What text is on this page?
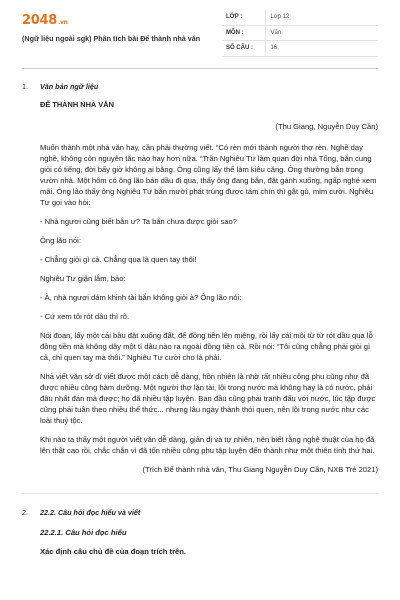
2048.vn
(Ngữ liệu ngoài sgk) Phân tích bài Để thành nhà văn
LỚP :	Lớp 12
MÔN :	Văn
SỐ CÂU :	16
1.	Văn bản ngữ liệu
ĐỂ THÀNH NHÀ VĂN
(Thu Giang, Nguyễn Duy Cần)

Muốn thành một nhà văn hay, cần phải thường viết. “Có rèn mới thành người thợ rèn. Nghề dạy nghề, không còn nguyên tắc nào hay hơn nữa. “Trần Nghiêu Tư làm quan đời nhà Tống, bắn cung giỏi có tiếng, đời bấy giờ không ai bằng. Ông cũng lấy thế làm kiêu căng. Ông thường bắn trong vườn nhà. Một hôm có ông lão bán dầu đi qua, thấy ông đang bắn, đặt gánh xuống, ngấp nghé xem mãi. Ông lão thấy ông Nghiêu Tư bắn mười phát trúng được tám chín thì gật gù, mỉm cười. Nghiêu Tư gọi vào hỏi:

- Nhà ngươi cũng biết bắn ư? Ta bắn chưa được giỏi sao?

Ông lão nói:

- Chẳng giỏi gì cả. Chẳng qua là quen tay thôi!

Nghiêu Tư giận lắm, bảo:

- À, nhà ngươi dám khinh tài bắn không giỏi à? Ông lão nói:

- Cứ xem tôi rót dầu thì rõ.

Nói đoạn, lấy một cái bầu đặt xuống đất, để đồng tiền lên miệng, rồi lấy cái môi từ từ rót dầu qua lỗ đồng tiền mà không dây một tí dầu nào ra ngoài đồng tiền cả. Rồi nói: “Tôi cũng chẳng phải giỏi gì cả, chỉ quen tay mà thôi.” Nghiêu Tư cười cho lả phải.

Nhà viết văn sở dĩ viết được một cách dễ dàng, hồn nhiên là nhờ rất nhiều công phu cũng như đã được nhiều công hàm dưỡng. Một người thợ lặn tài, lội trong nước mà không hay là có nước, phải đâu nhất đán mà được; họ đã nhiều tập luyện. Ban đầu cũng phải tranh đấu với nước, lúc tập được cũng phải tuân theo nhiều thể thức... nhưng lâu ngày thành thói quen, nên lội trong nước như các loài thuỷ tộc.

Khi nào ta thấy một người viết văn dễ dàng, giản dị và tự nhiên, nên biết rằng nghệ thuật của họ đã lên thật cao rồi, chắc chắn vì đã tốn nhiều công phu tập luyện đến thành như một thiên tính thứ hai.

(Trích Để thành nhà văn, Thu Giang Nguyễn Duy Cần, NXB Trẻ 2021)
2.	22.2. Câu hỏi đọc hiểu và viết
22.2.1. Câu hỏi đọc hiểu
Xác định câu chủ đề của đoạn trích trên.
